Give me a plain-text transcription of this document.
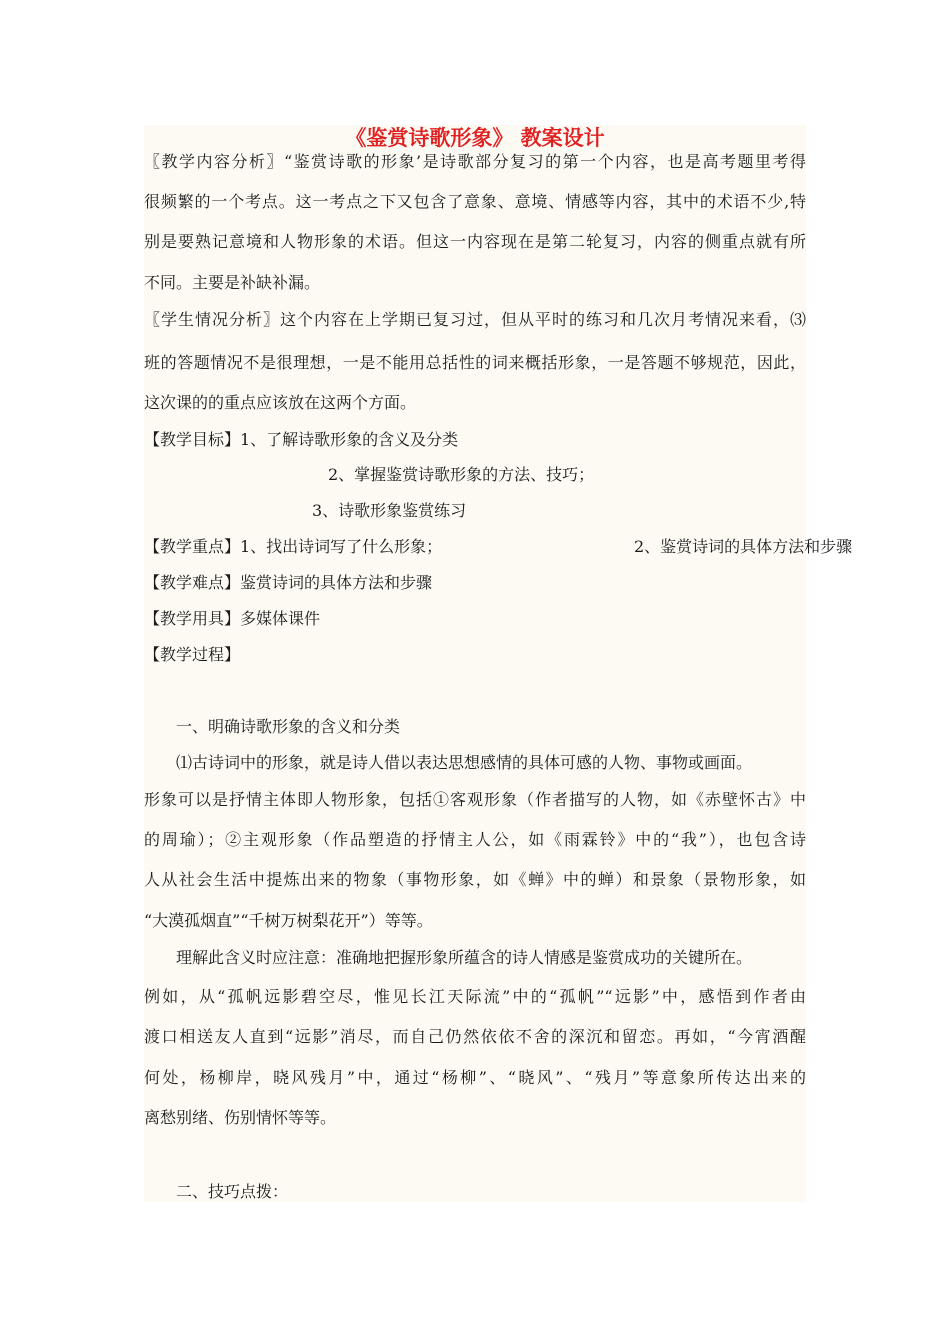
《鉴赏诗歌形象》 教案设计
〖教学内容分析〗“鉴赏诗歌的形象’是诗歌部分复习的第一个内容，也是高考题里考得
很频繁的一个考点。这一考点之下又包含了意象、意境、情感等内容，其中的术语不少,特
别是要熟记意境和人物形象的术语。但这一内容现在是第二轮复习，内容的侧重点就有所
不同。主要是补缺补漏。
〖学生情况分析〗这个内容在上学期已复习过，但从平时的练习和几次月考情况来看，⑶
班的答题情况不是很理想，一是不能用总括性的词来概括形象，一是答题不够规范，因此，
这次课的的重点应该放在这两个方面。
【教学目标】1、了解诗歌形象的含义及分类
2、掌握鉴赏诗歌形象的方法、技巧；
3、诗歌形象鉴赏练习
【教学重点】1、找出诗词写了什么形象；	2、鉴赏诗词的具体方法和步骤
【教学难点】鉴赏诗词的具体方法和步骤
【教学用具】多媒体课件
【教学过程】
一、明确诗歌形象的含义和分类
⑴古诗词中的形象，就是诗人借以表达思想感情的具体可感的人物、事物或画面。
形象可以是抒情主体即人物形象，包括①客观形象（作者描写的人物，如《赤壁怀古》中
的周瑜）；②主观形象（作品塑造的抒情主人公，如《雨霖铃》中的“我”），也包含诗
人从社会生活中提炼出来的物象（事物形象，如《蝉》中的蝉）和景象（景物形象，如
“大漠孤烟直”“千树万树梨花开”）等等。
理解此含义时应注意：准确地把握形象所蕴含的诗人情感是鉴赏成功的关键所在。
例如，从“孤帆远影碧空尽，惟见长江天际流”中的“孤帆”“远影”中，感悟到作者由
渡口相送友人直到“远影”消尽，而自己仍然依依不舍的深沉和留恋。再如，“今宵酒醒
何处，杨柳岸，晓风残月”中，通过“杨柳”、“晓风”、“残月”等意象所传达出来的
离愁别绪、伤别情怀等等。
二、技巧点拨：
